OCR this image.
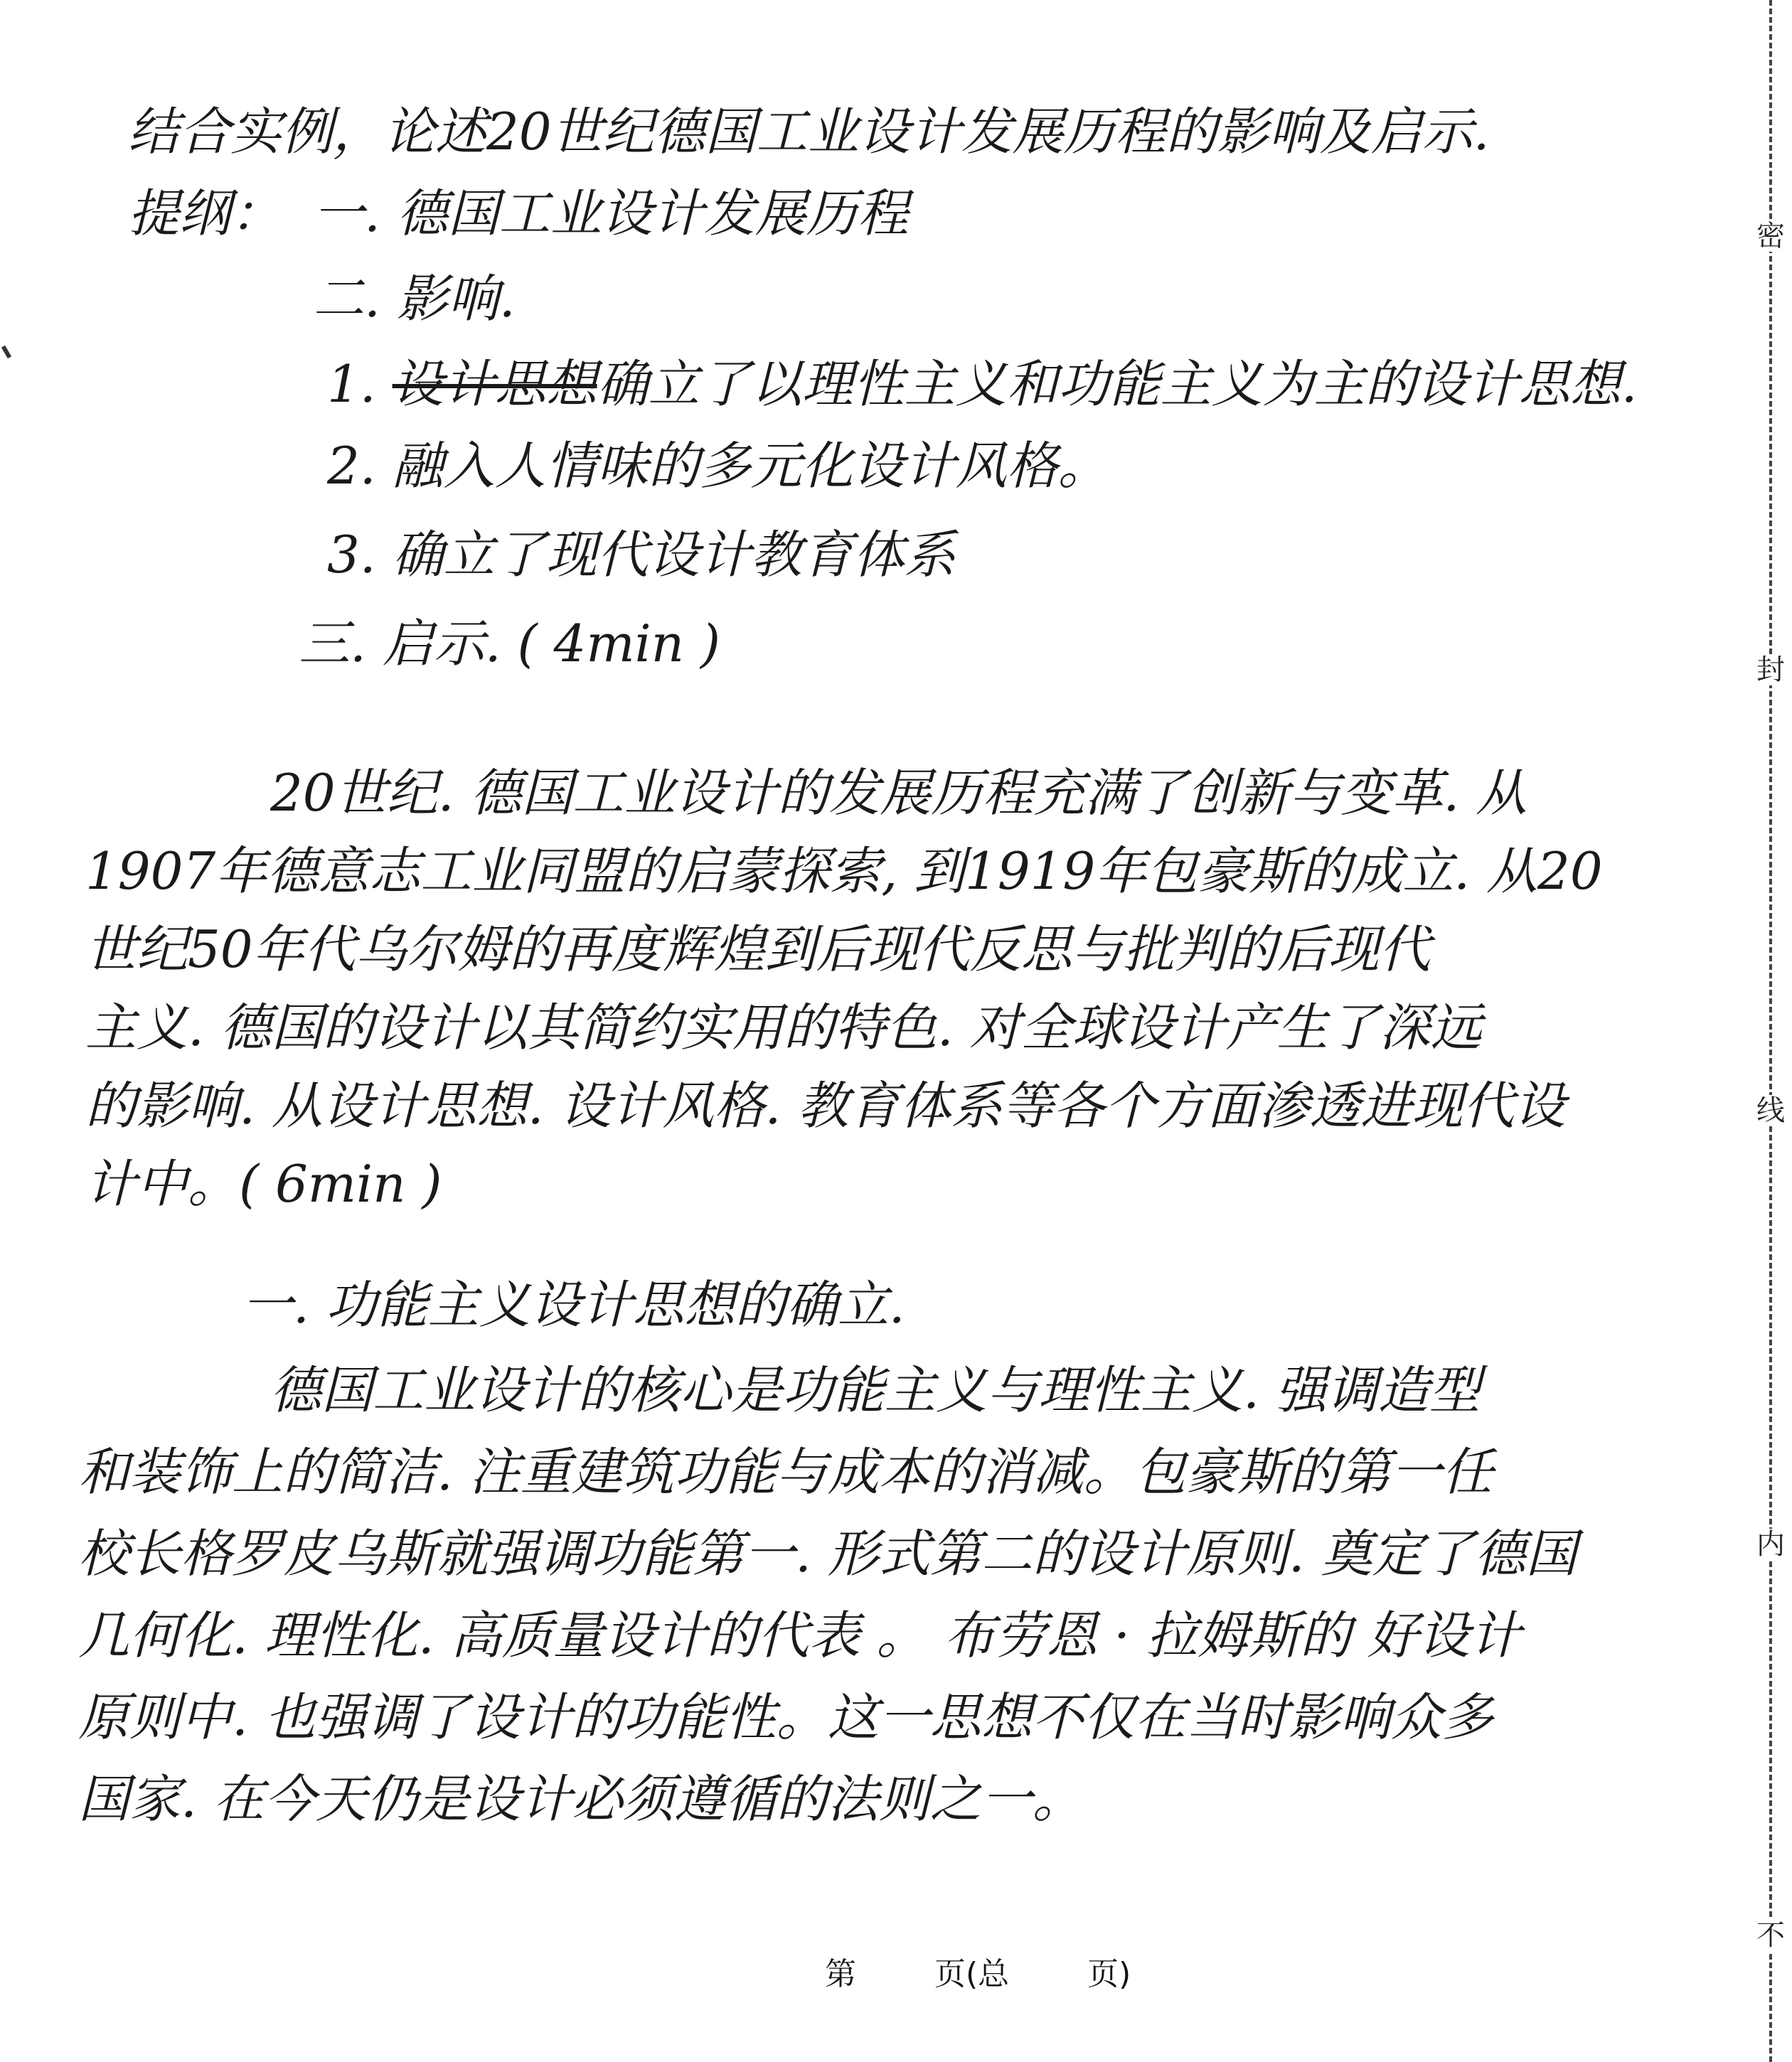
结合实例，论述20世纪德国工业设计发展历程的影响及启示.
提纲： 一. 德国工业设计发展历程
二. 影响.
1. 设计思想确立了以理性主义和功能主义为主的设计思想.
2. 融入人情味的多元化设计风格。
3. 确立了现代设计教育体系
三. 启示. ( 4min )
20世纪. 德国工业设计的发展历程充满了创新与变革. 从
1907年德意志工业同盟的启蒙探索, 到1919年包豪斯的成立. 从20
世纪50年代乌尔姆的再度辉煌到后现代反思与批判的后现代
主义. 德国的设计以其简约实用的特色. 对全球设计产生了深远
的影响. 从设计思想. 设计风格. 教育体系等各个方面渗透进现代设
计中。( 6min )
一. 功能主义设计思想的确立.
德国工业设计的核心是功能主义与理性主义. 强调造型
和装饰上的简洁. 注重建筑功能与成本的消减。包豪斯的第一任
校长格罗皮乌斯就强调功能第一. 形式第二的设计原则. 奠定了德国
几何化. 理性化. 高质量设计的代表 。 布劳恩 · 拉姆斯的 好设计
原则中. 也强调了设计的功能性。这一思想不仅在当时影响众多
国家. 在今天仍是设计必须遵循的法则之一。
密
封
线
内
不
第	页(总	页)
